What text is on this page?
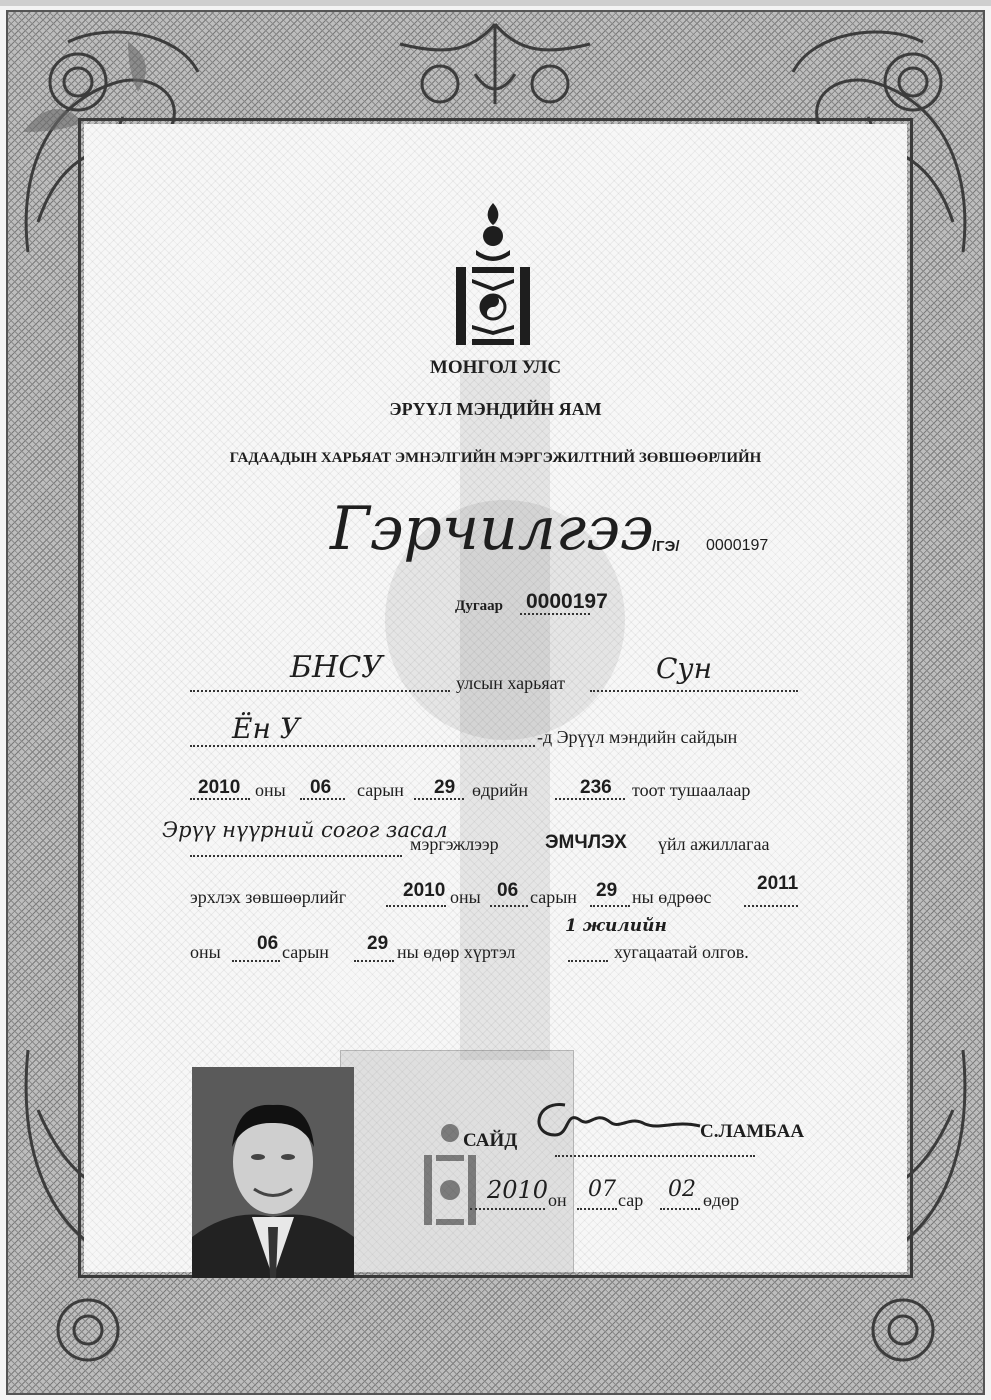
МОНГОЛ УЛС
ЭРҮҮЛ МЭНДИЙН ЯАМ
ГАДААДЫН ХАРЬЯАТ ЭМНЭЛГИЙН МЭРГЭЖИЛТНИЙ ЗӨВШӨӨРЛИЙН
Гэрчилгээ
/ГЭ/ 0000197
Дугаар 0000197
БНСУ	улсын харьяат	Сун
Ён У	-д Эрүүл мэндийн сайдын
2010 оны 06 сарын 29 өдрийн	236 тоот тушаалаар
Эрүү нүүрний согог засал
мэргэжлээр ЭМЧЛЭХ үйл ажиллагаа
эрхлэх зөвшөөрлийг	2010 оны 06 сарын 29 ны өдрөөс
2011
оны 06 сарын 29 ны өдөр хүртэл
1 жилийн
хугацаатай олгов.
САЙД	С.ЛАМБАА
2010 он 07 сар 02 өдөр
